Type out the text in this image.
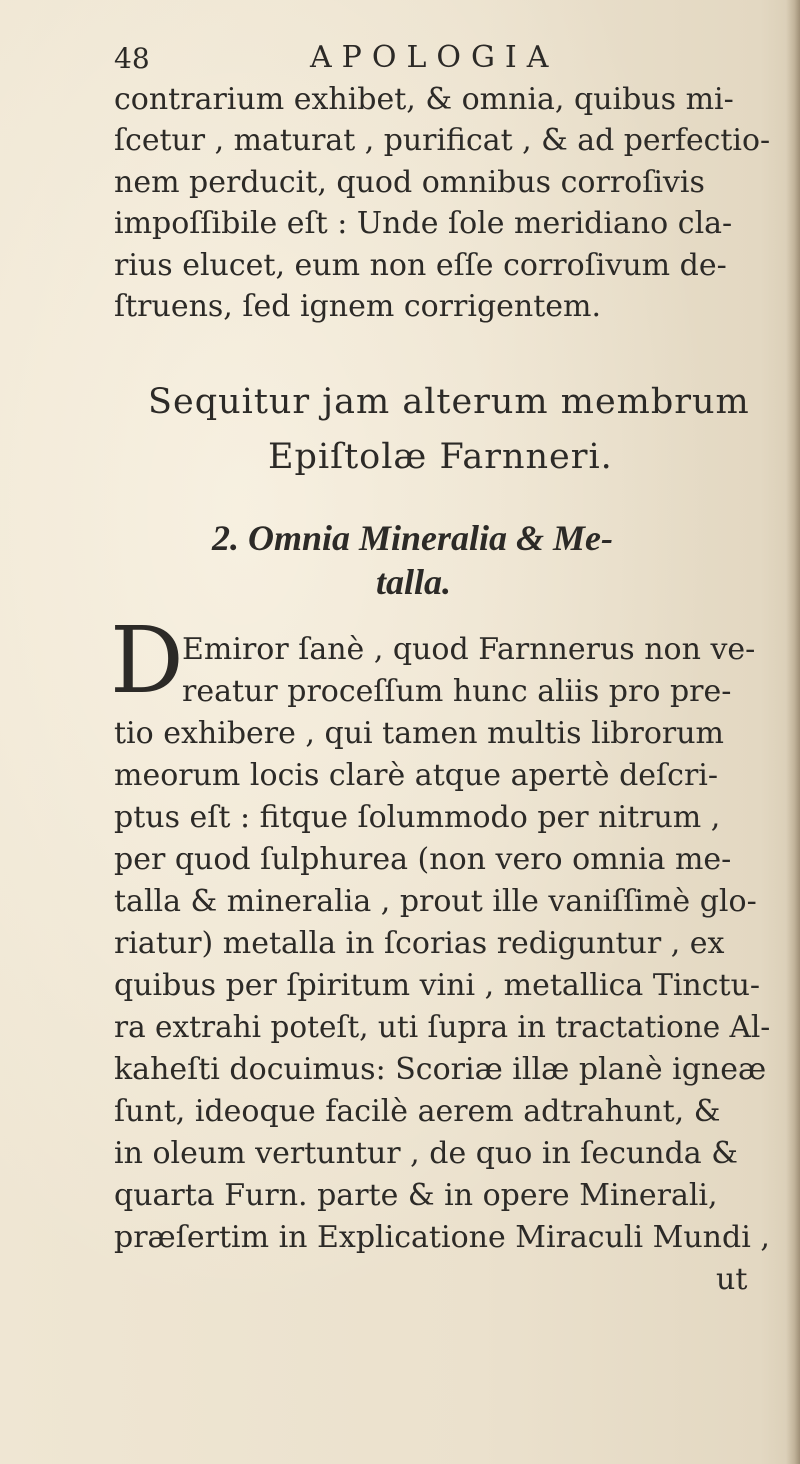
48	APOLOGIA
contrarium exhibet, & omnia, quibus mi-
ſcetur , maturat , purificat , & ad perfectio-
nem perducit, quod omnibus corroſivis
impoſſibile eſt : Unde ſole meridiano cla-
rius elucet, eum non eſſe corroſivum de-
ſtruens, ſed ignem corrigentem.
Sequitur jam alterum membrum
Epiſtolæ Farnneri.
2. Omnia Mineralia & Me-
talla.
D
Emiror ſanè , quod Farnnerus non ve-
reatur proceſſum hunc aliis pro pre-
tio exhibere , qui tamen multis librorum
meorum locis clarè atque apertè deſcri-
ptus eſt : fitque ſolummodo per nitrum ,
per quod ſulphurea (non vero omnia me-
talla & mineralia , prout ille vaniſſimè glo-
riatur) metalla in ſcorias rediguntur , ex
quibus per ſpiritum vini , metallica Tinctu-
ra extrahi poteſt, uti ſupra in tractatione Al-
kaheſti docuimus: Scoriæ illæ planè igneæ
ſunt, ideoque facilè aerem adtrahunt, &
in oleum vertuntur , de quo in ſecunda &
quarta Furn. parte & in opere Minerali,
præſertim in Explicatione Miraculi Mundi ,
ut
